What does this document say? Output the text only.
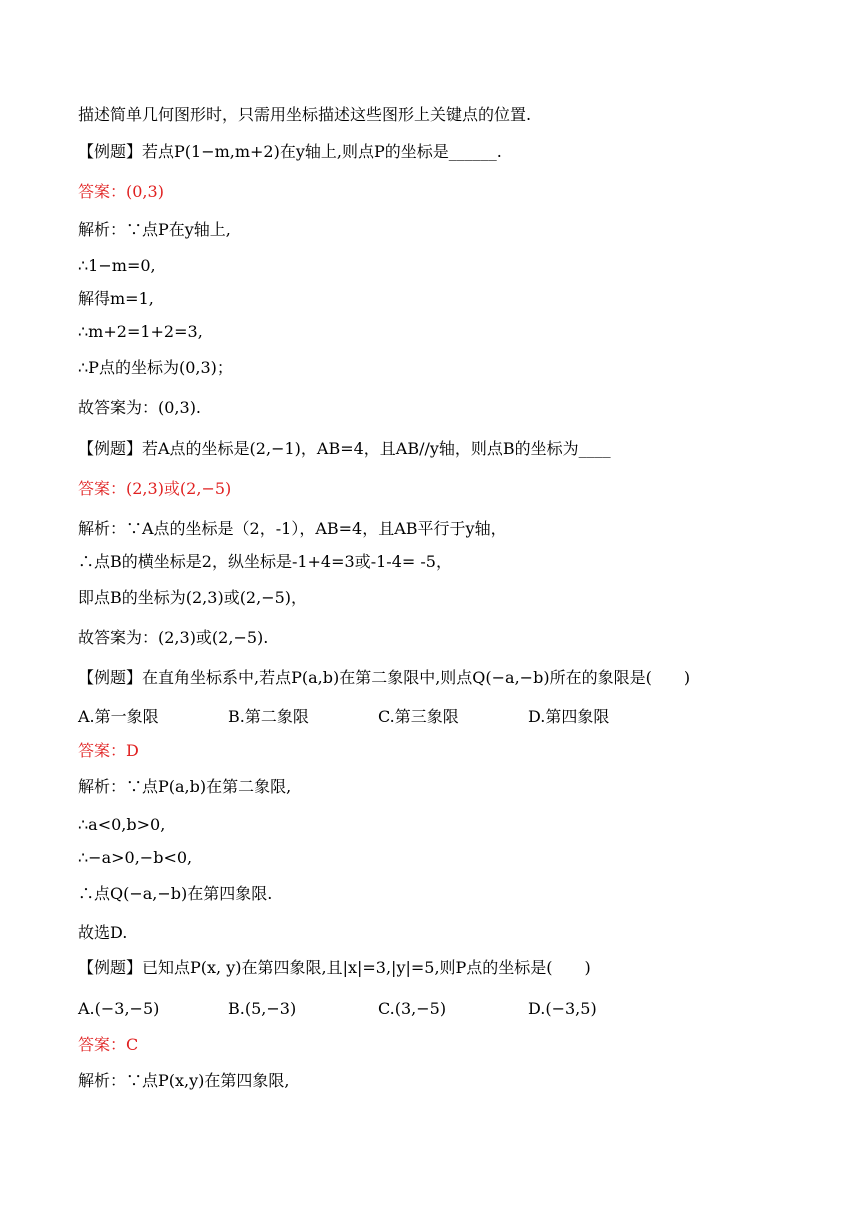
描述简单几何图形时，只需用坐标描述这些图形上关键点的位置.
【例题】若点P(1−m,m+2)在y轴上,则点P的坐标是______.
答案：(0,3)
解析：∵点P在y轴上,
∴1−m=0,
解得m=1,
∴m+2=1+2=3,
∴P点的坐标为(0,3)；
故答案为：(0,3).
【例题】若A点的坐标是(2,−1)，AB=4，且AB//y轴，则点B的坐标为____
答案：(2,3)或(2,−5)
解析：∵A点的坐标是（2，-1），AB=4，且AB平行于y轴，
∴点B的横坐标是2，纵坐标是-1+4=3或-1-4= -5，
即点B的坐标为(2,3)或(2,−5)，
故答案为：(2,3)或(2,−5).
【例题】在直角坐标系中,若点P(a,b)在第二象限中,则点Q(−a,−b)所在的象限是(　　)
A.第一象限	B.第二象限	C.第三象限	D.第四象限
答案：D
解析：∵点P(a,b)在第二象限,
∴a<0,b>0,
∴−a>0,−b<0,
∴点Q(−a,−b)在第四象限.
故选D.
【例题】已知点P(x, y)在第四象限,且|x|=3,|y|=5,则P点的坐标是(　　)
A.(−3,−5)	B.(5,−3)	C.(3,−5)	D.(−3,5)
答案：C
解析：∵点P(x,y)在第四象限,
